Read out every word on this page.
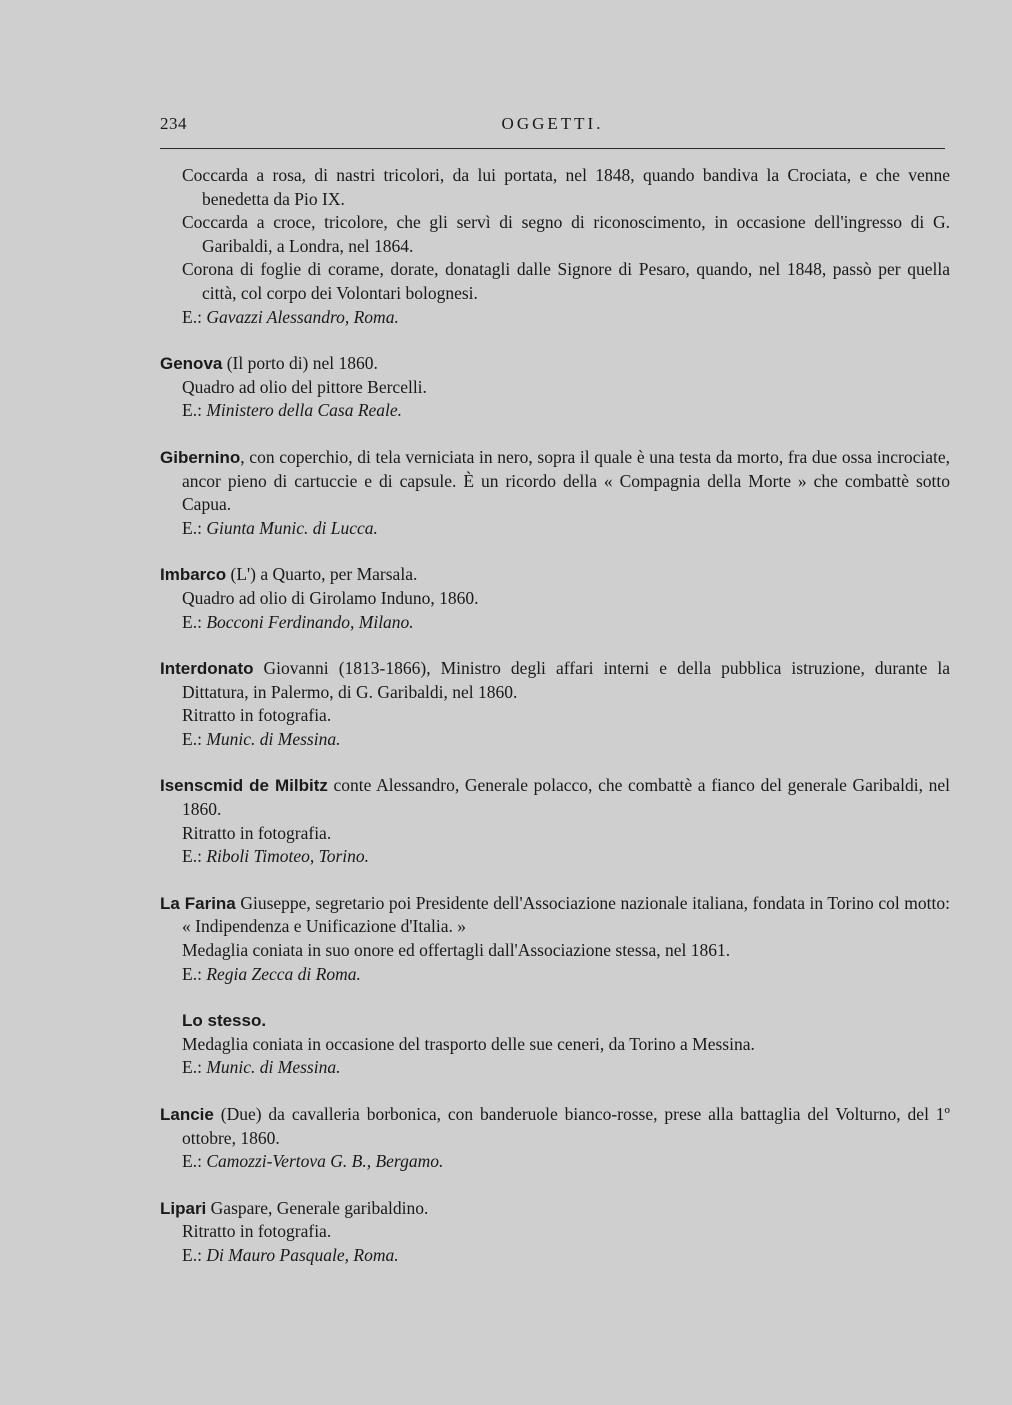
234	OGGETTI.

Coccarda a rosa, di nastri tricolori, da lui portata, nel 1848, quando bandiva la Crociata, e che venne benedetta da Pio IX.

Coccarda a croce, tricolore, che gli servì di segno di riconoscimento, in occasione dell'ingresso di G. Garibaldi, a Londra, nel 1864.

Corona di foglie di corame, dorate, donatagli dalle Signore di Pesaro, quando, nel 1848, passò per quella città, col corpo dei Volontari bolognesi.

E.: Gavazzi Alessandro, Roma.

Genova (Il porto di) nel 1860.

Quadro ad olio del pittore Bercelli.

E.: Ministero della Casa Reale.

Gibernino, con coperchio, di tela verniciata in nero, sopra il quale è una testa da morto, fra due ossa incrociate, ancor pieno di cartuccie e di capsule. È un ricordo della « Compagnia della Morte » che combattè sotto Capua.

E.: Giunta Munic. di Lucca.

Imbarco (L') a Quarto, per Marsala.

Quadro ad olio di Girolamo Induno, 1860.

E.: Bocconi Ferdinando, Milano.

Interdonato Giovanni (1813-1866), Ministro degli affari interni e della pubblica istruzione, durante la Dittatura, in Palermo, di G. Garibaldi, nel 1860.

Ritratto in fotografia.

E.: Munic. di Messina.

Isenscmid de Milbitz conte Alessandro, Generale polacco, che combattè a fianco del generale Garibaldi, nel 1860.

Ritratto in fotografia.

E.: Riboli Timoteo, Torino.

La Farina Giuseppe, segretario poi Presidente dell'Associazione nazionale italiana, fondata in Torino col motto: « Indipendenza e Unificazione d'Italia. »

Medaglia coniata in suo onore ed offertagli dall'Associazione stessa, nel 1861.

E.: Regia Zecca di Roma.

Lo stesso.

Medaglia coniata in occasione del trasporto delle sue ceneri, da Torino a Messina.

E.: Munic. di Messina.

Lancie (Due) da cavalleria borbonica, con banderuole bianco-rosse, prese alla battaglia del Volturno, del 1º ottobre, 1860.

E.: Camozzi-Vertova G. B., Bergamo.

Lipari Gaspare, Generale garibaldino.

Ritratto in fotografia.

E.: Di Mauro Pasquale, Roma.
